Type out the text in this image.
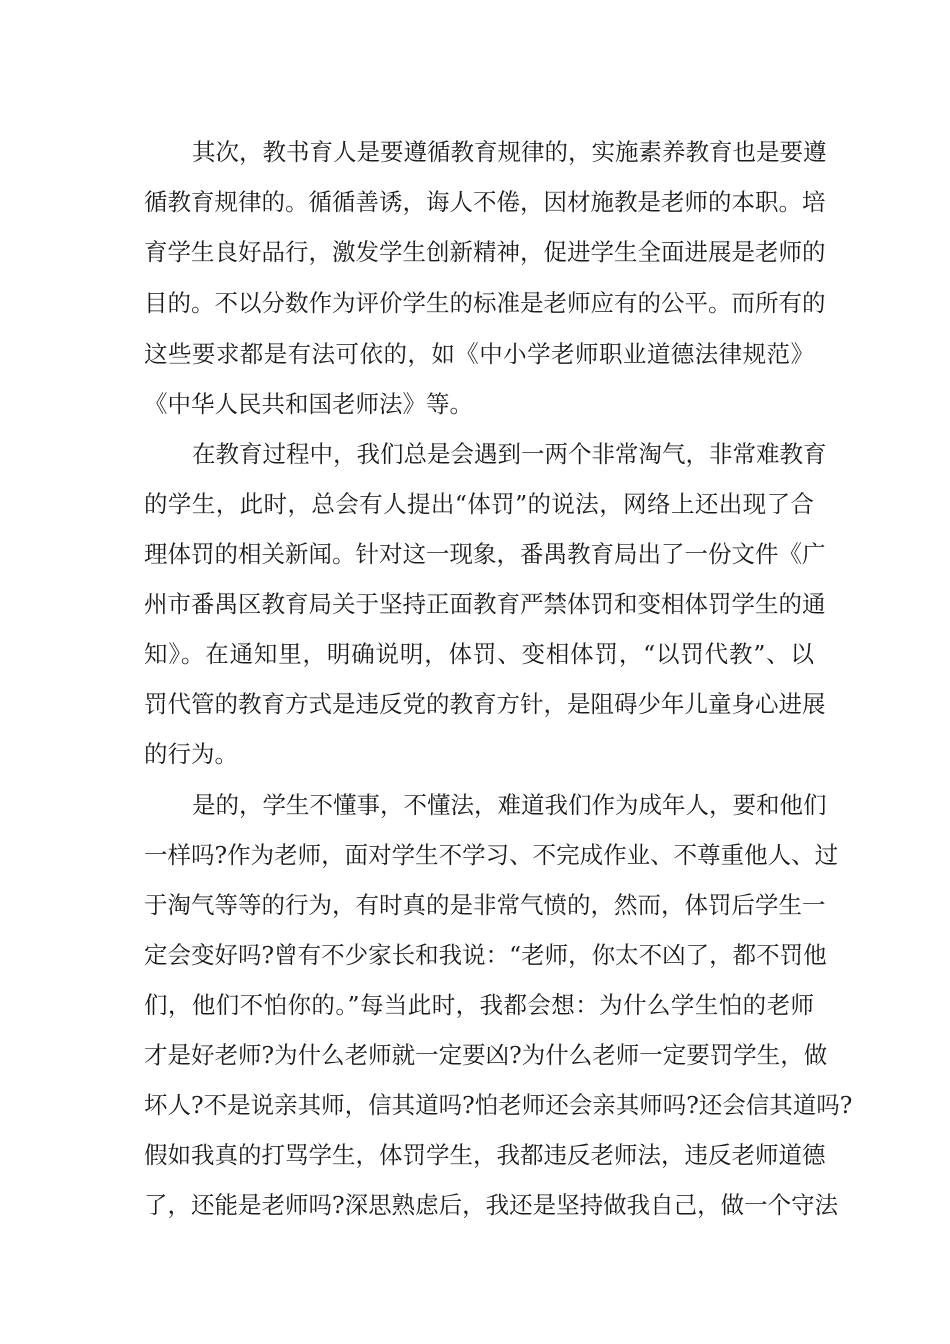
其次，教书育人是要遵循教育规律的，实施素养教育也是要遵
循教育规律的。循循善诱，诲人不倦，因材施教是老师的本职。培
育学生良好品行，激发学生创新精神，促进学生全面进展是老师的
目的。不以分数作为评价学生的标准是老师应有的公平。而所有的
这些要求都是有法可依的，如《中小学老师职业道德法律规范》
《中华人民共和国老师法》等。
在教育过程中，我们总是会遇到一两个非常淘气，非常难教育
的学生，此时，总会有人提出“体罚”的说法，网络上还出现了合
理体罚的相关新闻。针对这一现象，番禺教育局出了一份文件《广
州市番禺区教育局关于坚持正面教育严禁体罚和变相体罚学生的通
知》。在通知里，明确说明，体罚、变相体罚，“以罚代教”、以
罚代管的教育方式是违反党的教育方针，是阻碍少年儿童身心进展
的行为。
是的，学生不懂事，不懂法，难道我们作为成年人，要和他们
一样吗?作为老师，面对学生不学习、不完成作业、不尊重他人、过
于淘气等等的行为，有时真的是非常气愤的，然而，体罚后学生一
定会变好吗?曾有不少家长和我说：“老师，你太不凶了，都不罚他
们，他们不怕你的。”每当此时，我都会想：为什么学生怕的老师
才是好老师?为什么老师就一定要凶?为什么老师一定要罚学生，做
坏人?不是说亲其师，信其道吗?怕老师还会亲其师吗?还会信其道吗?
假如我真的打骂学生，体罚学生，我都违反老师法，违反老师道德
了，还能是老师吗?深思熟虑后，我还是坚持做我自己，做一个守法
